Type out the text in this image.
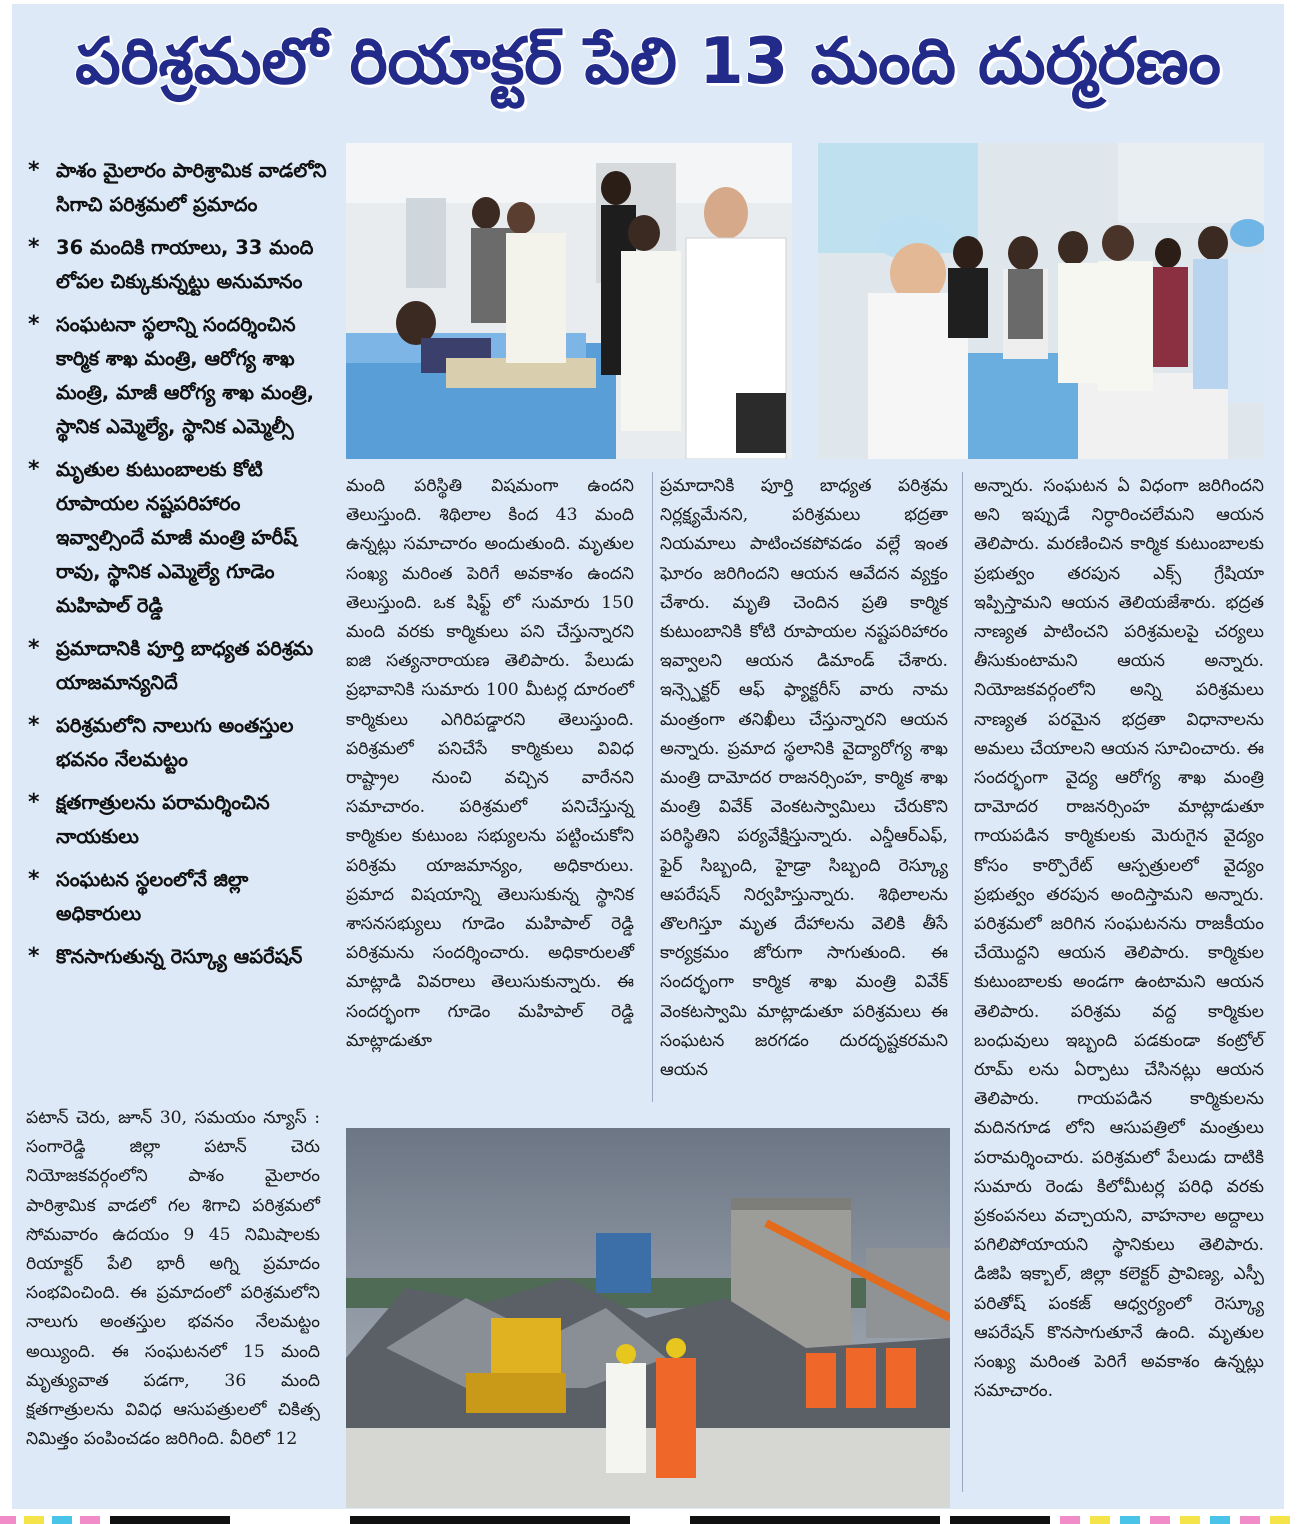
పరిశ్రమలో రియాక్టర్ పేలి 13 మంది దుర్మరణం
* పాశం మైలారం పారిశ్రామిక వాడలోని సిగాచి పరిశ్రమలో ప్రమాదం
* 36 మందికి గాయాలు, 33 మంది లోపల చిక్కుకున్నట్టు అనుమానం
* సంఘటనా స్థలాన్ని సందర్శించిన కార్మిక శాఖ మంత్రి, ఆరోగ్య శాఖ మంత్రి, మాజీ ఆరోగ్య శాఖ మంత్రి, స్థానిక ఎమ్మెల్యే, స్థానిక ఎమ్మెల్సీ
* మృతుల కుటుంబాలకు కోటి రూపాయల నష్టపరిహారం ఇవ్వాల్సిందే మాజీ మంత్రి హరీష్ రావు, స్థానిక ఎమ్మెల్యే గూడెం మహిపాల్ రెడ్డి
* ప్రమాదానికి పూర్తి బాధ్యత పరిశ్రమ యాజమాన్యనిదే
* పరిశ్రమలోని నాలుగు అంతస్తుల భవనం నేలమట్టం
* క్షతగాత్రులను పరామర్శించిన నాయకులు
* సంఘటన స్థలంలోనే జిల్లా అధికారులు
* కొనసాగుతున్న రెస్క్యూ ఆపరేషన్

పటాన్ చెరు, జూన్ 30, సమయం న్యూస్ : సంగారెడ్డి జిల్లా పటాన్ చెరు నియోజకవర్గంలోని పాశం మైలారం పారిశ్రామిక వాడలో గల శిగాచి పరిశ్రమలో సోమవారం ఉదయం 9 45 నిమిషాలకు రియాక్టర్ పేలి భారీ అగ్ని ప్రమాదం సంభవించింది. ఈ ప్రమాదంలో పరిశ్రమలోని నాలుగు అంతస్తుల భవనం నేలమట్టం అయ్యింది. ఈ సంఘటనలో 15 మంది మృత్యువాత పడగా, 36 మంది క్షతగాత్రులను వివిధ ఆసుపత్రులలో చికిత్స నిమిత్తం పంపించడం జరిగింది. వీరిలో 12

మంది పరిస్థితి విషమంగా ఉందని తెలుస్తుంది. శిథిలాల కింద 43 మంది ఉన్నట్లు సమాచారం అందుతుంది. మృతుల సంఖ్య మరింత పెరిగే అవకాశం ఉందని తెలుస్తుంది. ఒక షిఫ్ట్ లో సుమారు 150 మంది వరకు కార్మికులు పని చేస్తున్నారని ఐజి సత్యనారాయణ తెలిపారు. పేలుడు ప్రభావానికి సుమారు 100 మీటర్ల దూరంలో కార్మికులు ఎగిరిపడ్డారని తెలుస్తుంది. పరిశ్రమలో పనిచేసే కార్మికులు వివిధ రాష్ట్రాల నుంచి వచ్చిన వారేనని సమాచారం. పరిశ్రమలో పనిచేస్తున్న కార్మికుల కుటుంబ సభ్యులను పట్టించుకోని పరిశ్రమ యాజమాన్యం, అధికారులు. ప్రమాద విషయాన్ని తెలుసుకున్న స్థానిక శాసనసభ్యులు గూడెం మహిపాల్ రెడ్డి పరిశ్రమను సందర్శించారు. అధికారులతో మాట్లాడి వివరాలు తెలుసుకున్నారు. ఈ సందర్భంగా గూడెం మహిపాల్ రెడ్డి మాట్లాడుతూ

ప్రమాదానికి పూర్తి బాధ్యత పరిశ్రమ నిర్లక్ష్యమేనని, పరిశ్రమలు భద్రతా నియమాలు పాటించకపోవడం వల్లే ఇంత ఘోరం జరిగిందని ఆయన ఆవేదన వ్యక్తం చేశారు. మృతి చెందిన ప్రతి కార్మిక కుటుంబానికి కోటి రూపాయల నష్టపరిహారం ఇవ్వాలని ఆయన డిమాండ్ చేశారు. ఇన్స్పెక్టర్ ఆఫ్ ఫ్యాక్టరీస్ వారు నామ మంత్రంగా తనిఖీలు చేస్తున్నారని ఆయన అన్నారు. ప్రమాద స్థలానికి వైద్యారోగ్య శాఖ మంత్రి దామోదర రాజనర్సింహ, కార్మిక శాఖ మంత్రి వివేక్ వెంకటస్వామిలు చేరుకొని పరిస్థితిని పర్యవేక్షిస్తున్నారు. ఎన్డీఆర్ఎఫ్, ఫైర్ సిబ్బంది, హైడ్రా సిబ్బంది రెస్క్యూ ఆపరేషన్ నిర్వహిస్తున్నారు. శిథిలాలను తొలగిస్తూ మృత దేహాలను వెలికి తీసే కార్యక్రమం జోరుగా సాగుతుంది. ఈ సందర్భంగా కార్మిక శాఖ మంత్రి వివేక్ వెంకటస్వామి మాట్లాడుతూ పరిశ్రమలు ఈ సంఘటన జరగడం దురదృష్టకరమని ఆయన

అన్నారు. సంఘటన ఏ విధంగా జరిగిందని అని ఇప్పుడే నిర్ధారించలేమని ఆయన తెలిపారు. మరణించిన కార్మిక కుటుంబాలకు ప్రభుత్వం తరపున ఎక్స్ గ్రేషియా ఇప్పిస్తామని ఆయన తెలియజేశారు. భద్రత నాణ్యత పాటించని పరిశ్రమలపై చర్యలు తీసుకుంటామని ఆయన అన్నారు. నియోజకవర్గంలోని అన్ని పరిశ్రమలు నాణ్యత పరమైన భద్రతా విధానాలను అమలు చేయాలని ఆయన సూచించారు. ఈ సందర్భంగా వైద్య ఆరోగ్య శాఖ మంత్రి దామోదర రాజనర్సింహ మాట్లాడుతూ గాయపడిన కార్మికులకు మెరుగైన వైద్యం కోసం కార్పొరేట్ ఆస్పత్రులలో వైద్యం ప్రభుత్వం తరపున అందిస్తామని అన్నారు. పరిశ్రమలో జరిగిన సంఘటనను రాజకీయం చేయొద్దని ఆయన తెలిపారు. కార్మికుల కుటుంబాలకు అండగా ఉంటామని ఆయన తెలిపారు. పరిశ్రమ వద్ద కార్మికుల బంధువులు ఇబ్బంది పడకుండా కంట్రోల్ రూమ్ లను ఏర్పాటు చేసినట్లు ఆయన తెలిపారు. గాయపడిన కార్మికులను మదినగూడ లోని ఆసుపత్రిలో మంత్రులు పరామర్శించారు. పరిశ్రమలో పేలుడు దాటికి సుమారు రెండు కిలోమీటర్ల పరిధి వరకు ప్రకంపనలు వచ్చాయని, వాహనాల అద్దాలు పగిలిపోయాయని స్థానికులు తెలిపారు. డిజిపి ఇక్బాల్, జిల్లా కలెక్టర్ ప్రావిణ్య, ఎస్పీ పరితోష్ పంకజ్ ఆధ్వర్యంలో రెస్క్యూ ఆపరేషన్ కొనసాగుతూనే ఉంది. మృతుల సంఖ్య మరింత పెరిగే అవకాశం ఉన్నట్లు సమాచారం.
